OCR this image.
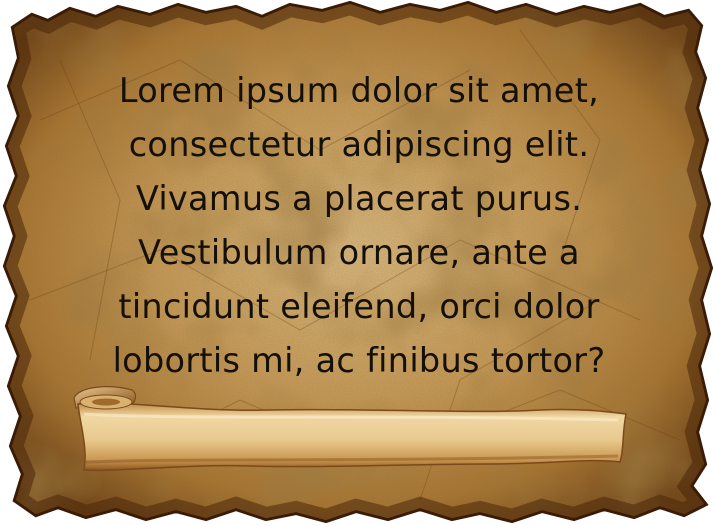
Lorem ipsum dolor sit amet,
consectetur adipiscing elit.
Vivamus a placerat purus.
Vestibulum ornare, ante a
tincidunt eleifend, orci dolor
lobortis mi, ac finibus tortor?
